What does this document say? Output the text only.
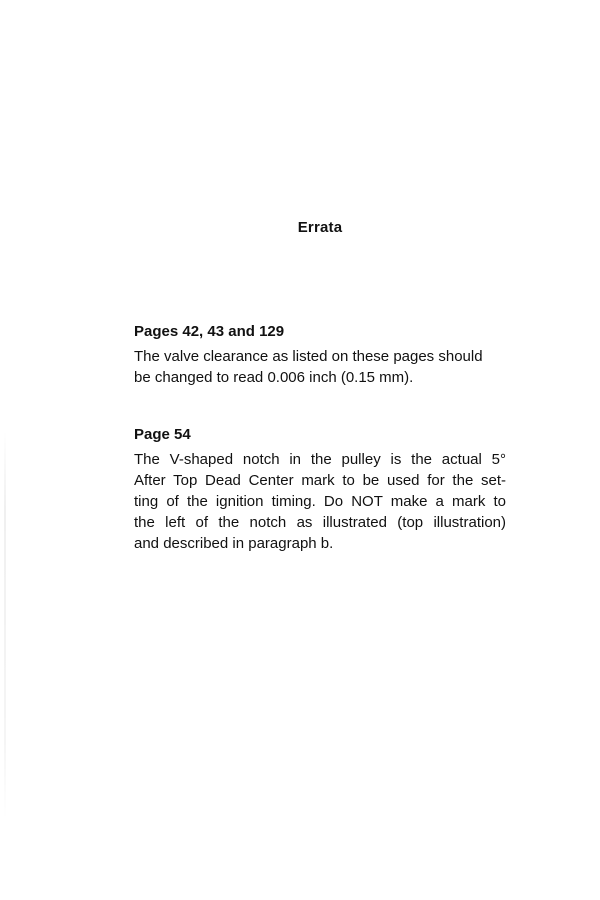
Errata
Pages 42, 43 and 129

The valve clearance as listed on these pages should
be changed to read 0.006 inch (0.15 mm).

Page 54

The V-shaped notch in the pulley is the actual 5°
After Top Dead Center mark to be used for the set-
ting of the ignition timing. Do NOT make a mark to
the left of the notch as illustrated (top illustration)
and described in paragraph b.
